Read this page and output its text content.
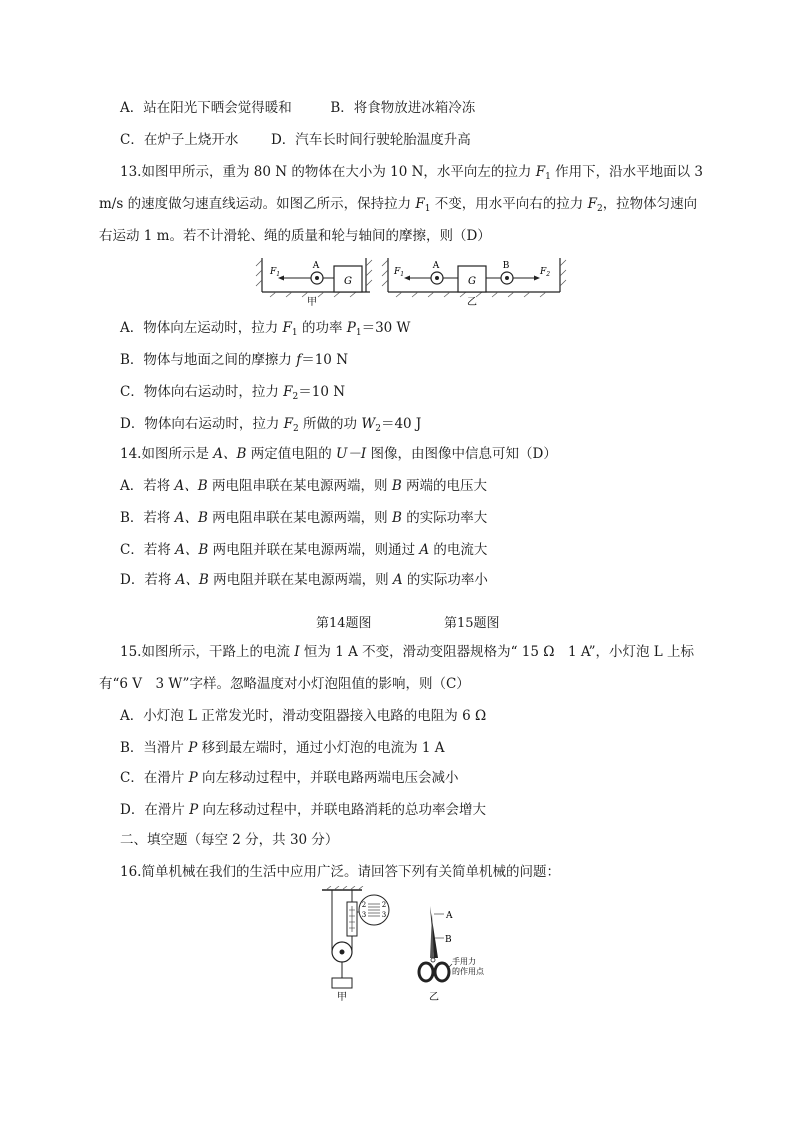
A．站在阳光下晒会觉得暖和	B．将食物放进冰箱冷冻
C．在炉子上烧开水 D．汽车长时间行驶轮胎温度升高
13.如图甲所示，重为 80 N 的物体在大小为 10 N，水平向左的拉力 $F_1$ 作用下，沿水平地面以 3
m/s 的速度做匀速直线运动。如图乙所示，保持拉力 $F_1$ 不变，用水平向右的拉力 $F_2$，拉物体匀速向
右运动 1 m。若不计滑轮、绳的质量和轮与轴间的摩擦，则（D）
G
A
$F_1$
甲
G
A
$F_1$
B
$F_2$
乙
A．物体向左运动时，拉力 $F_1$ 的功率 $P_1=30$ W
B．物体与地面之间的摩擦力 f＝10 N
C．物体向右运动时，拉力 $F_2=10$ N
D．物体向右运动时，拉力 $F_2$ 所做的功 $W_2=40$ J
14.如图所示是 A、B 两定值电阻的 U－I 图像，由图像中信息可知（D）
A．若将 A、B 两电阻串联在某电源两端，则 B 两端的电压大
B．若将 A、B 两电阻串联在某电源两端，则 B 的实际功率大
C．若将 A、B 两电阻并联在某电源两端，则通过 A 的电流大
D．若将 A、B 两电阻并联在某电源两端，则 A 的实际功率小
第14题图	第15题图
15.如图所示，干路上的电流 I 恒为 1 A 不变，滑动变阻器规格为“ 15 Ω　1 A”，小灯泡 L 上标
有“6 V　3 W”字样。忽略温度对小灯泡阻值的影响，则（C）
A．小灯泡 L 正常发光时，滑动变阻器接入电路的电阻为 6 Ω
B．当滑片 P 移到最左端时，通过小灯泡的电流为 1 A
C．在滑片 P 向左移动过程中，并联电路两端电压会减小
D．在滑片 P 向左移动过程中，并联电路消耗的总功率会增大
二、填空题（每空 2 分，共 30 分）
16.简单机械在我们的生活中应用广泛。请回答下列有关简单机械的问题：
2
3
2
3
甲
A
B
手用力
的作用点
乙
